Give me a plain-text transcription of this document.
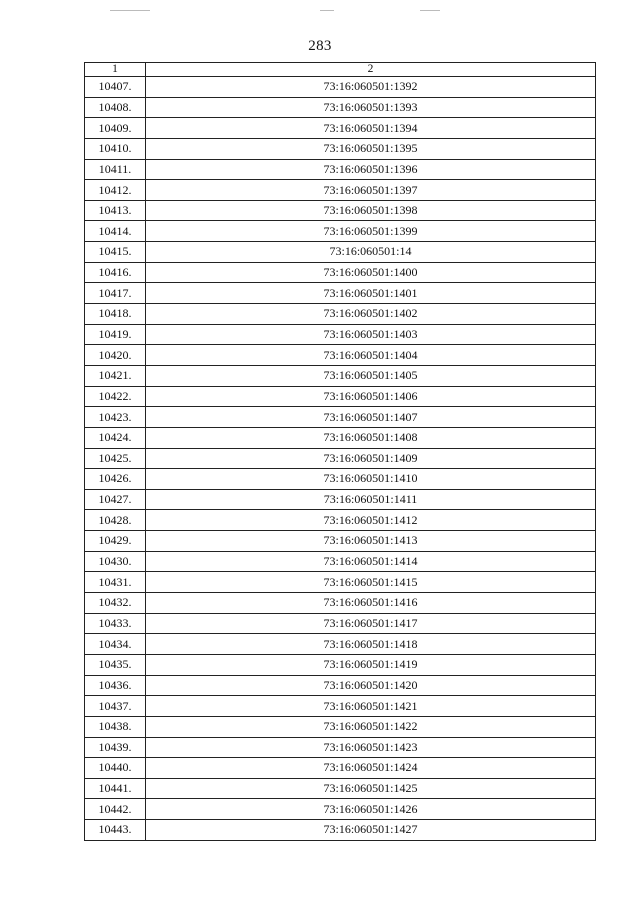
283
1	2
10407.	73:16:060501:1392
10408.	73:16:060501:1393
10409.	73:16:060501:1394
10410.	73:16:060501:1395
10411.	73:16:060501:1396
10412.	73:16:060501:1397
10413.	73:16:060501:1398
10414.	73:16:060501:1399
10415.	73:16:060501:14
10416.	73:16:060501:1400
10417.	73:16:060501:1401
10418.	73:16:060501:1402
10419.	73:16:060501:1403
10420.	73:16:060501:1404
10421.	73:16:060501:1405
10422.	73:16:060501:1406
10423.	73:16:060501:1407
10424.	73:16:060501:1408
10425.	73:16:060501:1409
10426.	73:16:060501:1410
10427.	73:16:060501:1411
10428.	73:16:060501:1412
10429.	73:16:060501:1413
10430.	73:16:060501:1414
10431.	73:16:060501:1415
10432.	73:16:060501:1416
10433.	73:16:060501:1417
10434.	73:16:060501:1418
10435.	73:16:060501:1419
10436.	73:16:060501:1420
10437.	73:16:060501:1421
10438.	73:16:060501:1422
10439.	73:16:060501:1423
10440.	73:16:060501:1424
10441.	73:16:060501:1425
10442.	73:16:060501:1426
10443.	73:16:060501:1427
